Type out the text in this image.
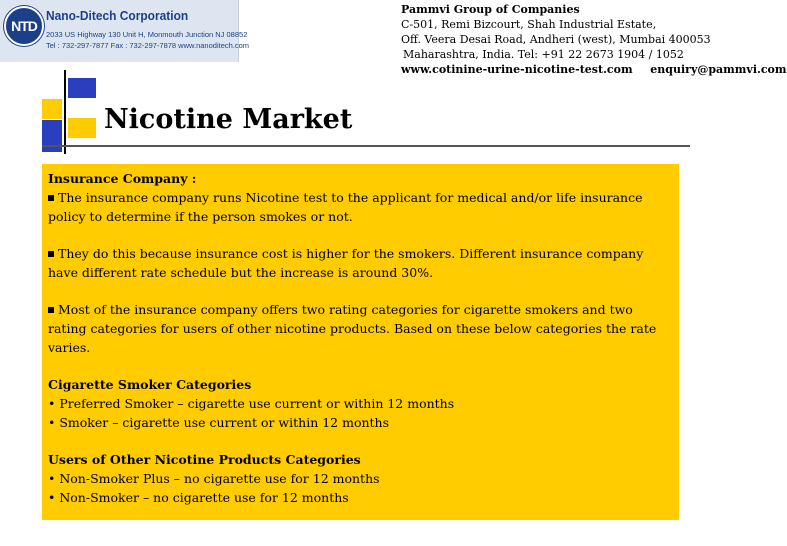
NTD
Nano-Ditech Corporation
2033 US Highway 130 Unit H, Monmouth Junction NJ 08852
Tel : 732-297-7877 Fax : 732-297-7878 www.nanoditech.com
Pammvi Group of Companies
C-501, Remi Bizcourt, Shah Industrial Estate,
Off. Veera Desai Road, Andheri (west), Mumbai 400053
Maharashtra, India. Tel: +91 22 2673 1904 / 1052
www.cotinine-urine-nicotine-test.com enquiry@pammvi.com
Nicotine Market

Insurance Company :

The insurance company runs Nicotine test to the applicant for medical and/or life insurance policy to determine if the person smokes or not.

They do this because insurance cost is higher for the smokers. Different insurance company have different rate schedule but the increase is around 30%.

Most of the insurance company offers two rating categories for cigarette smokers and two rating categories for users of other nicotine products. Based on these below categories the rate varies.

Cigarette Smoker Categories

• Preferred Smoker – cigarette use current or within 12 months

• Smoker – cigarette use current or within 12 months

Users of Other Nicotine Products Categories

• Non-Smoker Plus – no cigarette use for 12 months

• Non-Smoker – no cigarette use for 12 months
